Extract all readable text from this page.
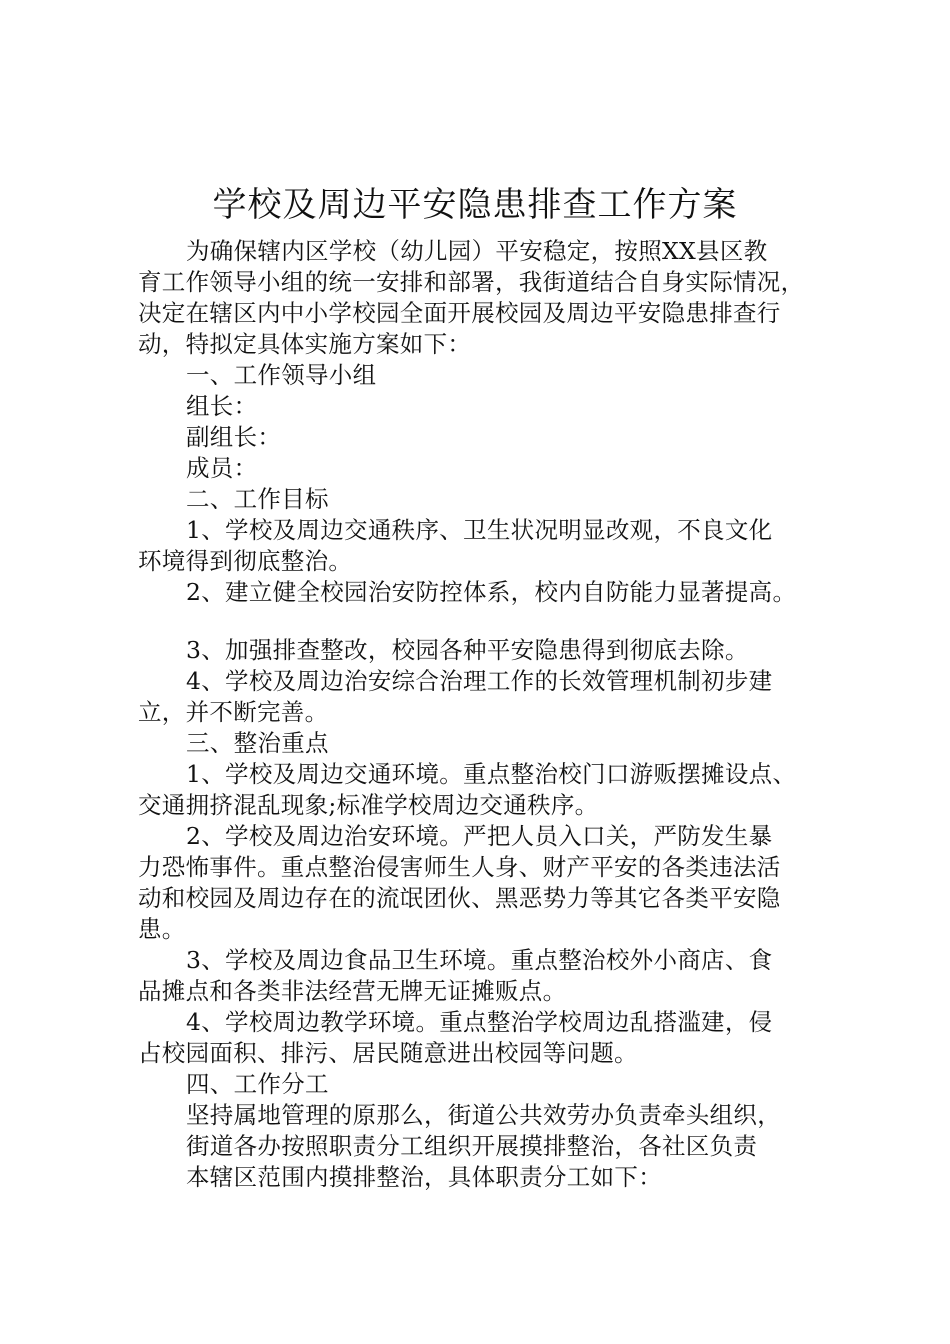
学校及周边平安隐患排查工作方案

为确保辖内区学校（幼儿园）平安稳定，按照XX县区教

育工作领导小组的统一安排和部署，我街道结合自身实际情况，

决定在辖区内中小学校园全面开展校园及周边平安隐患排查行

动，特拟定具体实施方案如下：

一、工作领导小组

组长：

副组长：

成员：

二、工作目标

1、学校及周边交通秩序、卫生状况明显改观，不良文化

环境得到彻底整治。

2、建立健全校园治安防控体系，校内自防能力显著提高。

3、加强排查整改，校园各种平安隐患得到彻底去除。

4、学校及周边治安综合治理工作的长效管理机制初步建

立，并不断完善。

三、整治重点

1、学校及周边交通环境。重点整治校门口游贩摆摊设点、

交通拥挤混乱现象;标准学校周边交通秩序。

2、学校及周边治安环境。严把人员入口关，严防发生暴

力恐怖事件。重点整治侵害师生人身、财产平安的各类违法活

动和校园及周边存在的流氓团伙、黑恶势力等其它各类平安隐

患。

3、学校及周边食品卫生环境。重点整治校外小商店、食

品摊点和各类非法经营无牌无证摊贩点。

4、学校周边教学环境。重点整治学校周边乱搭滥建，侵

占校园面积、排污、居民随意进出校园等问题。

四、工作分工

坚持属地管理的原那么，街道公共效劳办负责牵头组织，

街道各办按照职责分工组织开展摸排整治，各社区负责

本辖区范围内摸排整治，具体职责分工如下：
